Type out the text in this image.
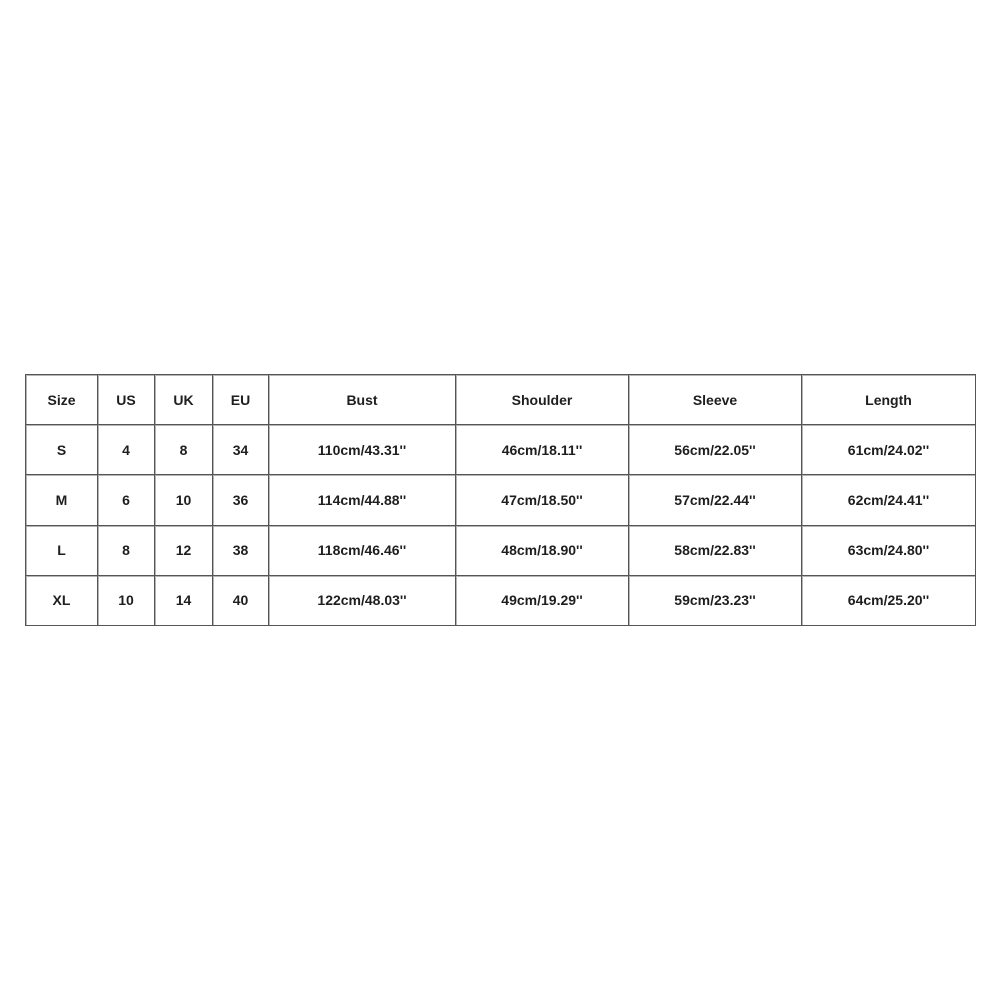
Size	US	UK	EU	Bust	Shoulder	Sleeve	Length
S	4	8	34	110cm/43.31''	46cm/18.11''	56cm/22.05''	61cm/24.02''
M	6	10	36	114cm/44.88''	47cm/18.50''	57cm/22.44''	62cm/24.41''
L	8	12	38	118cm/46.46''	48cm/18.90''	58cm/22.83''	63cm/24.80''
XL	10	14	40	122cm/48.03''	49cm/19.29''	59cm/23.23''	64cm/25.20''
